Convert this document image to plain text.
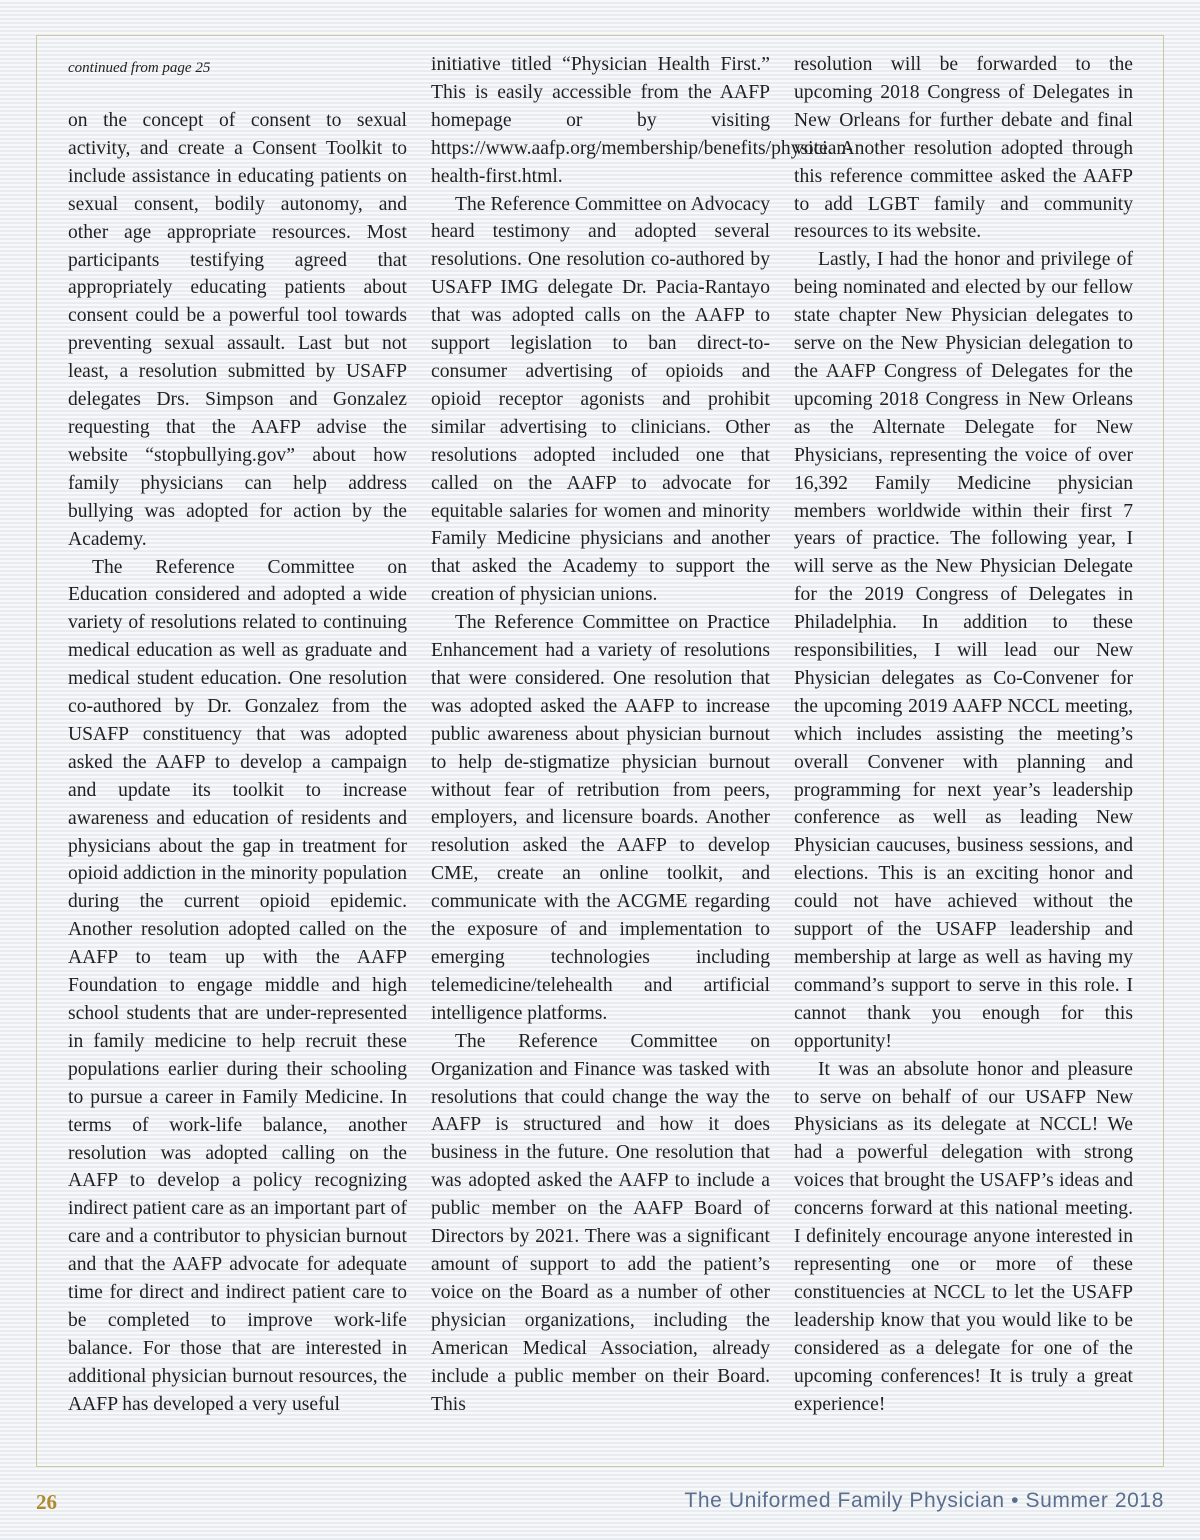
continued from page 25

on the concept of consent to sexual activity, and create a Consent Toolkit to include assistance in educating patients on sexual consent, bodily autonomy, and other age appropriate resources. Most participants testifying agreed that appropriately educating patients about consent could be a powerful tool towards preventing sexual assault. Last but not least, a resolution submitted by USAFP delegates Drs. Simpson and Gonzalez requesting that the AAFP advise the website “stopbullying.gov” about how family physicians can help address bullying was adopted for action by the Academy.

The Reference Committee on Education considered and adopted a wide variety of resolutions related to continuing medical education as well as graduate and medical student education. One resolution co-authored by Dr. Gonzalez from the USAFP constituency that was adopted asked the AAFP to develop a campaign and update its toolkit to increase awareness and education of residents and physicians about the gap in treatment for opioid addiction in the minority population during the current opioid epidemic. Another resolution adopted called on the AAFP to team up with the AAFP Foundation to engage middle and high school students that are under-represented in family medicine to help recruit these populations earlier during their schooling to pursue a career in Family Medicine. In terms of work-life balance, another resolution was adopted calling on the AAFP to develop a policy recognizing indirect patient care as an important part of care and a contributor to physician burnout and that the AAFP advocate for adequate time for direct and indirect patient care to be completed to improve work-life balance. For those that are interested in additional physician burnout resources, the AAFP has developed a very useful

initiative titled “Physician Health First.” This is easily accessible from the AAFP homepage or by visiting https://www.aafp.org/membership/benefits/physician-health-first.html.

The Reference Committee on Advocacy heard testimony and adopted several resolutions. One resolution co-authored by USAFP IMG delegate Dr. Pacia-Rantayo that was adopted calls on the AAFP to support legislation to ban direct-to-consumer advertising of opioids and opioid receptor agonists and prohibit similar advertising to clinicians. Other resolutions adopted included one that called on the AAFP to advocate for equitable salaries for women and minority Family Medicine physicians and another that asked the Academy to support the creation of physician unions.

The Reference Committee on Practice Enhancement had a variety of resolutions that were considered. One resolution that was adopted asked the AAFP to increase public awareness about physician burnout to help de-stigmatize physician burnout without fear of retribution from peers, employers, and licensure boards. Another resolution asked the AAFP to develop CME, create an online toolkit, and communicate with the ACGME regarding the exposure of and implementation to emerging technologies including telemedicine/telehealth and artificial intelligence platforms.

The Reference Committee on Organization and Finance was tasked with resolutions that could change the way the AAFP is structured and how it does business in the future. One resolution that was adopted asked the AAFP to include a public member on the AAFP Board of Directors by 2021. There was a significant amount of support to add the patient’s voice on the Board as a number of other physician organizations, including the American Medical Association, already include a public member on their Board. This

resolution will be forwarded to the upcoming 2018 Congress of Delegates in New Orleans for further debate and final vote. Another resolution adopted through this reference committee asked the AAFP to add LGBT family and community resources to its website.

Lastly, I had the honor and privilege of being nominated and elected by our fellow state chapter New Physician delegates to serve on the New Physician delegation to the AAFP Congress of Delegates for the upcoming 2018 Congress in New Orleans as the Alternate Delegate for New Physicians, representing the voice of over 16,392 Family Medicine physician members worldwide within their first 7 years of practice. The following year, I will serve as the New Physician Delegate for the 2019 Congress of Delegates in Philadelphia. In addition to these responsibilities, I will lead our New Physician delegates as Co-Convener for the upcoming 2019 AAFP NCCL meeting, which includes assisting the meeting’s overall Convener with planning and programming for next year’s leadership conference as well as leading New Physician caucuses, business sessions, and elections. This is an exciting honor and could not have achieved without the support of the USAFP leadership and membership at large as well as having my command’s support to serve in this role. I cannot thank you enough for this opportunity!

It was an absolute honor and pleasure to serve on behalf of our USAFP New Physicians as its delegate at NCCL! We had a powerful delegation with strong voices that brought the USAFP’s ideas and concerns forward at this national meeting. I definitely encourage anyone interested in representing one or more of these constituencies at NCCL to let the USAFP leadership know that you would like to be considered as a delegate for one of the upcoming conferences! It is truly a great experience!

26	The Uniformed Family Physician • Summer 2018
